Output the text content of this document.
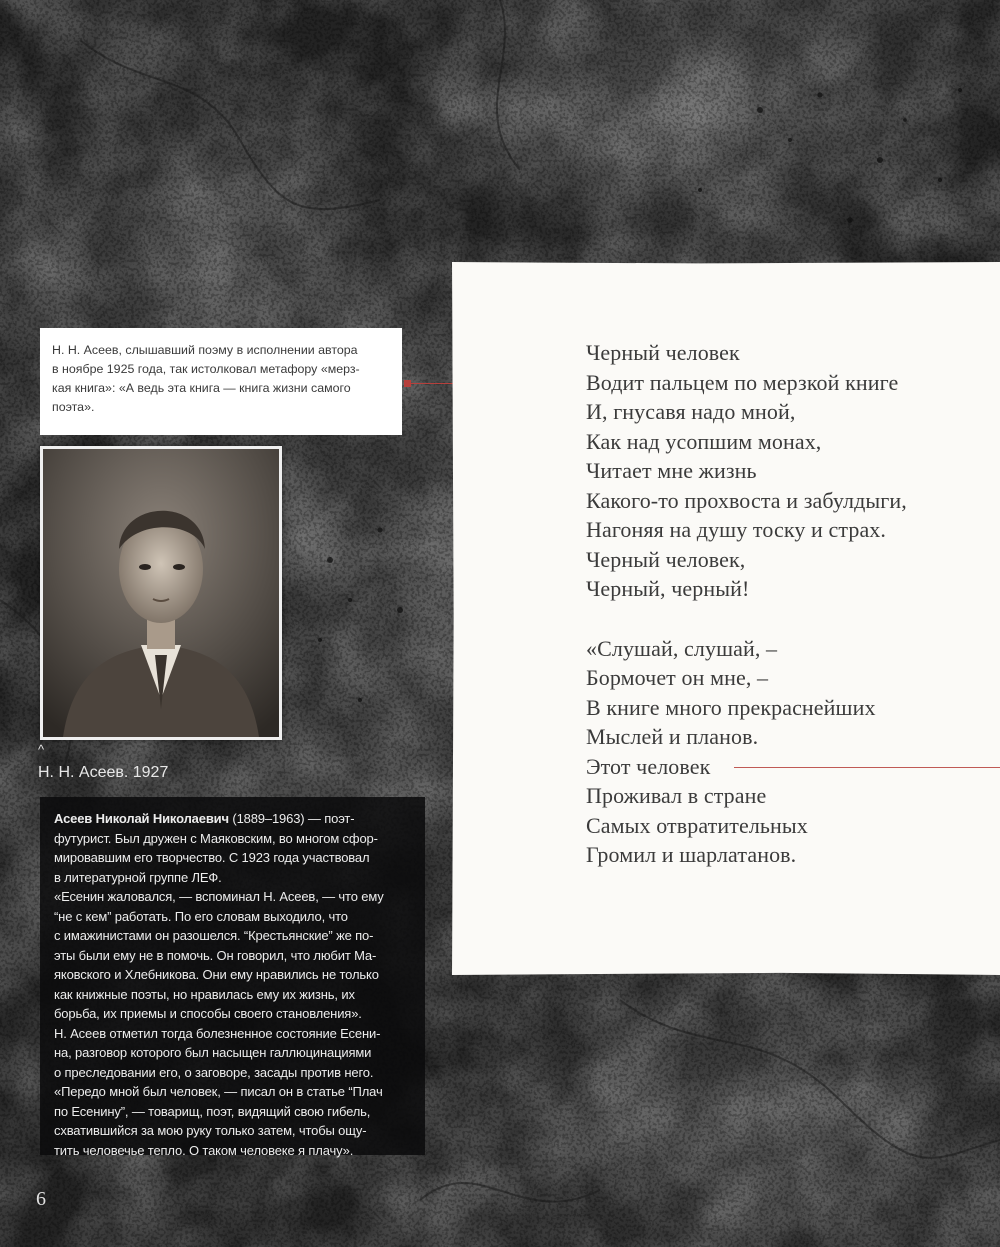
Н. Н. Асеев, слышавший поэму в исполнении автора
в ноябре 1925 года, так истолковал метафору «мерз-
кая книга»: «А ведь эта книга — книга жизни самого
поэта».
^
Н. Н. Асеев. 1927

Асеев Николай Николаевич (1889–1963) — поэт-

футурист. Был дружен с Маяковским, во многом сфор-

мировавшим его творчество. С 1923 года участвовал

в литературной группе ЛЕФ.

«Есенин жаловался, — вспоминал Н. Асеев, — что ему

“не с кем” работать. По его словам выходило, что

с имажинистами он разошелся. “Крестьянские” же по-

эты были ему не в помочь. Он говорил, что любит Ма-

яковского и Хлебникова. Они ему нравились не только

как книжные поэты, но нравилась ему их жизнь, их

борьба, их приемы и способы своего становления».

Н. Асеев отметил тогда болезненное состояние Есени-

на, разговор которого был насыщен галлюцинациями

о преследовании его, о заговоре, засады против него.

«Передо мной был человек, — писал он в статье “Плач

по Есенину”, — товарищ, поэт, видящий свою гибель,

схватившийся за мою руку только затем, чтобы ощу-

тить человечье тепло. О таком человеке я плачу».

Черный человек
Водит пальцем по мерзкой книге
И, гнусавя надо мной,
Как над усопшим монах,
Читает мне жизнь
Какого-то прохвоста и забулдыги,
Нагоняя на душу тоску и страх.
Черный человек,
Черный, черный!
«Слушай, слушай, –
Бормочет он мне, –
В книге много прекраснейших
Мыслей и планов.
Этот человек
Проживал в стране
Самых отвратительных
Громил и шарлатанов.
6
